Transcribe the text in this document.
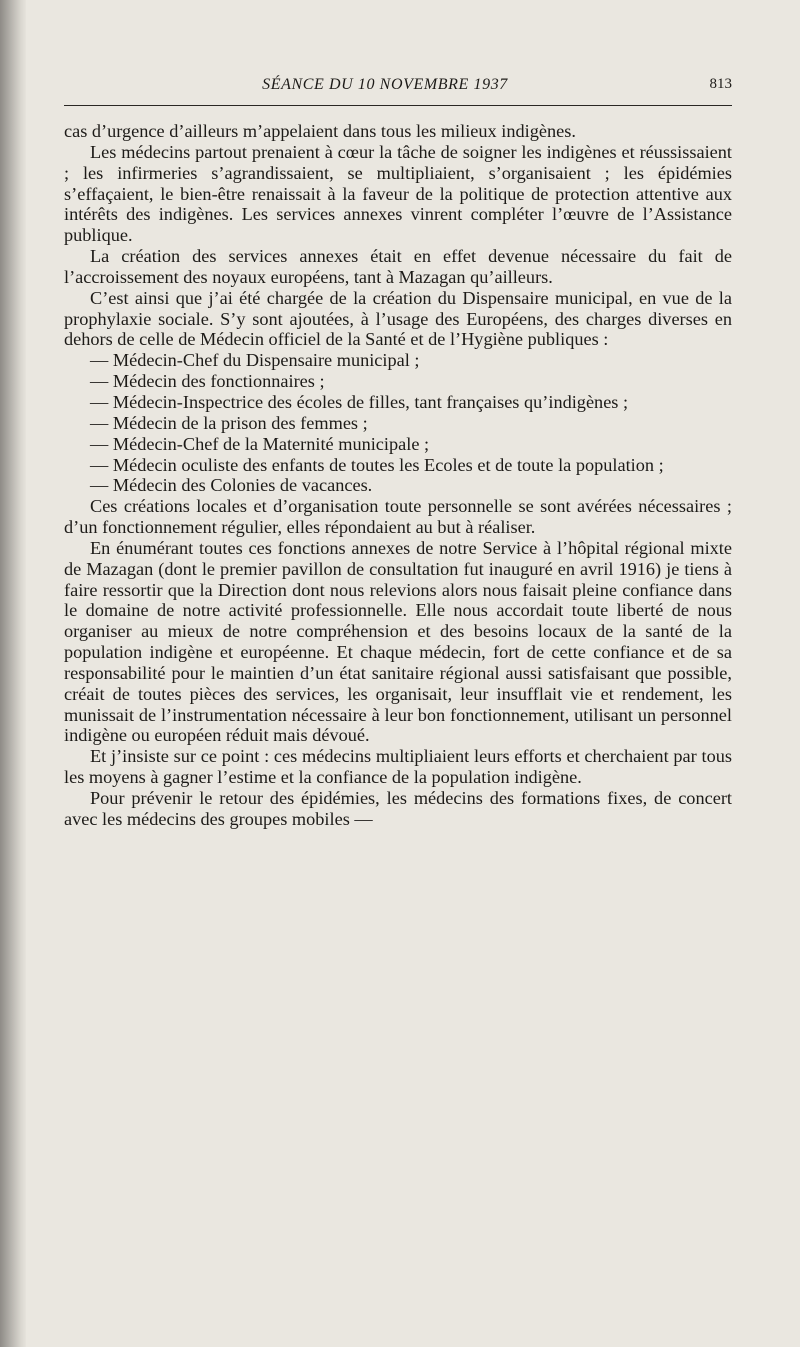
SÉANCE DU 10 NOVEMBRE 1937	813

cas d’urgence d’ailleurs m’appelaient dans tous les milieux indigènes.

Les médecins partout prenaient à cœur la tâche de soigner les indigènes et réussissaient ; les infirmeries s’agrandissaient, se multipliaient, s’organisaient ; les épidémies s’effaçaient, le bien-être renaissait à la faveur de la politique de protection attentive aux intérêts des indigènes. Les services annexes vinrent compléter l’œuvre de l’Assistance publique.

La création des services annexes était en effet devenue nécessaire du fait de l’accroissement des noyaux européens, tant à Mazagan qu’ailleurs.

C’est ainsi que j’ai été chargée de la création du Dispensaire municipal, en vue de la prophylaxie sociale. S’y sont ajoutées, à l’usage des Européens, des charges diverses en dehors de celle de Médecin officiel de la Santé et de l’Hygiène publiques :

— Médecin-Chef du Dispensaire municipal ;

— Médecin des fonctionnaires ;

— Médecin-Inspectrice des écoles de filles, tant françaises qu’indigènes ;

— Médecin de la prison des femmes ;

— Médecin-Chef de la Maternité municipale ;

— Médecin oculiste des enfants de toutes les Ecoles et de toute la population ;

— Médecin des Colonies de vacances.

Ces créations locales et d’organisation toute personnelle se sont avérées nécessaires ; d’un fonctionnement régulier, elles répondaient au but à réaliser.

En énumérant toutes ces fonctions annexes de notre Service à l’hôpital régional mixte de Mazagan (dont le premier pavillon de consultation fut inauguré en avril 1916) je tiens à faire ressortir que la Direction dont nous relevions alors nous faisait pleine confiance dans le domaine de notre activité professionnelle. Elle nous accordait toute liberté de nous organiser au mieux de notre compréhension et des besoins locaux de la santé de la population indigène et européenne. Et chaque médecin, fort de cette confiance et de sa responsabilité pour le maintien d’un état sanitaire régional aussi satisfaisant que possible, créait de toutes pièces des services, les organisait, leur insufflait vie et rendement, les munissait de l’instrumentation nécessaire à leur bon fonctionnement, utilisant un personnel indigène ou européen réduit mais dévoué.

Et j’insiste sur ce point : ces médecins multipliaient leurs efforts et cherchaient par tous les moyens à gagner l’estime et la confiance de la population indigène.

Pour prévenir le retour des épidémies, les médecins des formations fixes, de concert avec les médecins des groupes mobiles —
